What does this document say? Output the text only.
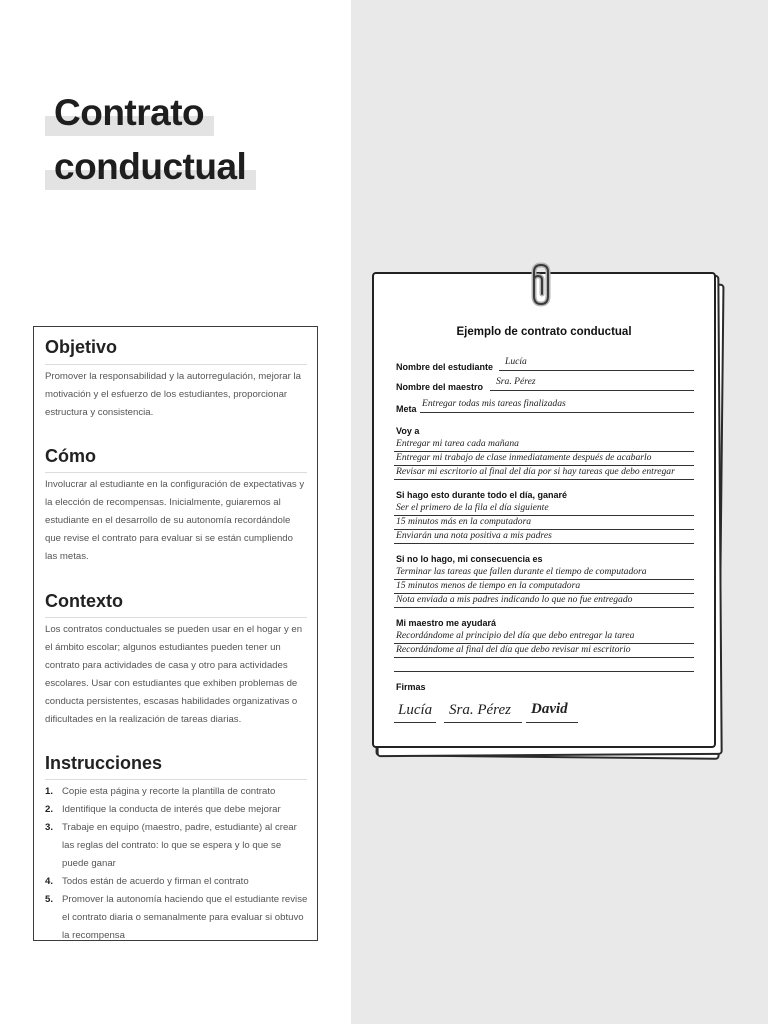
Contrato
conductual
Objetivo

Promover la responsabilidad y la autorregulación, mejorar la motivación y el esfuerzo de los estudiantes, proporcionar estructura y consistencia.

Cómo

Involucrar al estudiante en la configuración de expectativas y la elección de recompensas. Inicialmente, guiaremos al estudiante en el desarrollo de su autonomía recordándole que revise el contrato para evaluar si se están cumpliendo las metas.

Contexto

Los contratos conductuales se pueden usar en el hogar y en el ámbito escolar; algunos estudiantes pueden tener un contrato para actividades de casa y otro para actividades escolares. Usar con estudiantes que exhiben problemas de conducta persistentes, escasas habilidades organizativas o dificultades en la realización de tareas diarias.

Instrucciones
1. Copie esta página y recorte la plantilla de contrato
2. Identifique la conducta de interés que debe mejorar
3. Trabaje en equipo (maestro, padre, estudiante) al crear las reglas del contrato: lo que se espera y lo que se puede ganar
4. Todos están de acuerdo y firman el contrato
5. Promover la autonomía haciendo que el estudiante revise el contrato diaria o semanalmente para evaluar si obtuvo la recompensa

Ejemplo de contrato conductual

Nombre del estudiante Lucía
Nombre del maestro Sra. Pérez
Meta Entregar todas mis tareas finalizadas
Voy a
Entregar mi tarea cada mañana
Entregar mi trabajo de clase inmediatamente después de acabarlo
Revisar mi escritorio al final del día por si hay tareas que debo entregar
Si hago esto durante todo el día, ganaré
Ser el primero de la fila el día siguiente
15 minutos más en la computadora
Enviarán una nota positiva a mis padres
Si no lo hago, mi consecuencia es
Terminar las tareas que fallen durante el tiempo de computadora
15 minutos menos de tiempo en la computadora
Nota enviada a mis padres indicando lo que no fue entregado
Mi maestro me ayudará
Recordándome al principio del día que debo entregar la tarea
Recordándome al final del día que debo revisar mi escritorio
Firmas
Lucía Sra. Pérez David
